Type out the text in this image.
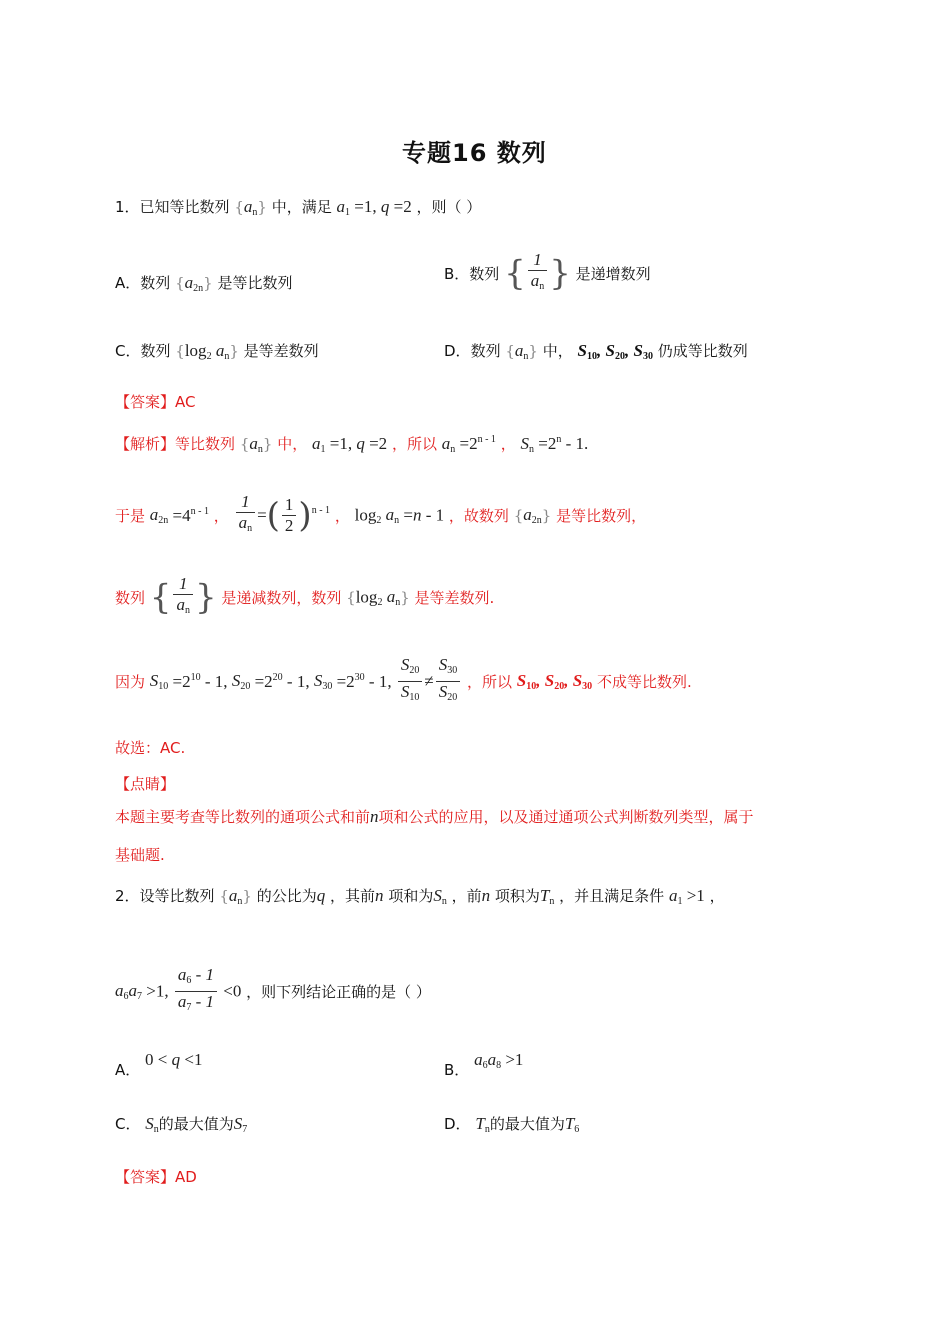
专题16 数列
1．已知等比数列 $\{a_n\}$ 中，满足 $a_1 =1$, q =2 ，则（ ）
A．数列 $\{a_{2n}\}$ 是等比数列	B．数列 { $\frac{1}{a_n}$ } 是递增数列
C．数列 {$\log_2$ $a_n$} 是等差数列	D．数列 $\{a_n\}$ 中， $S_{10}$, $S_{20}$, $S_{30}$ 仍成等比数列
【答案】AC
【解析】等比数列 $\{a_n\}$ 中， $a_1 =1$, q =2 ，所以 $a_n =2^{n - 1}$ ， $S_n =2^n - 1$.
于是 $a_{2n} =4^{n - 1}$ ， $\frac{1}{a_n}$ =( $\frac{1}{2} )^{n - 1}$ ， $\log_2 a_n =n - 1$ ，故数列 $\{a_{2n}\}$ 是等比数列，
数列 { $\frac{1}{a_n}$ } 是递减数列，数列 {$\log_2$ $a_n$} 是等差数列.
因为 $S_{10} =2^{10} - 1$, $S_{20} =2^{20} - 1$, $S_{30} =2^{30} - 1$, $\frac{S_{20}}{S_{10}} \ne \frac{S_{30}}{S_{20}}$ ，所以 $S_{10}$, $S_{20}$, $S_{30}$ 不成等比数列.
故选：AC.
【点睛】
本题主要考查等比数列的通项公式和前n项和公式的应用，以及通过通项公式判断数列类型，属于
基础题.
2．设等比数列 $\{a_n\}$ 的公比为q ，其前n 项和为$S_n$ ，前n 项积为$T_n$ ，并且满足条件 $a_1 >1$ ，
$a_6a_7 >1$, $\frac{a_6 - 1}{a_7 - 1} <0$ ，则下列结论正确的是（ ）
A． 0 < q <1
B． $a_6a_8 >1$
C． $S_n$的最大值为$S_7$	D． $T_n$的最大值为$T_6$
【答案】AD
